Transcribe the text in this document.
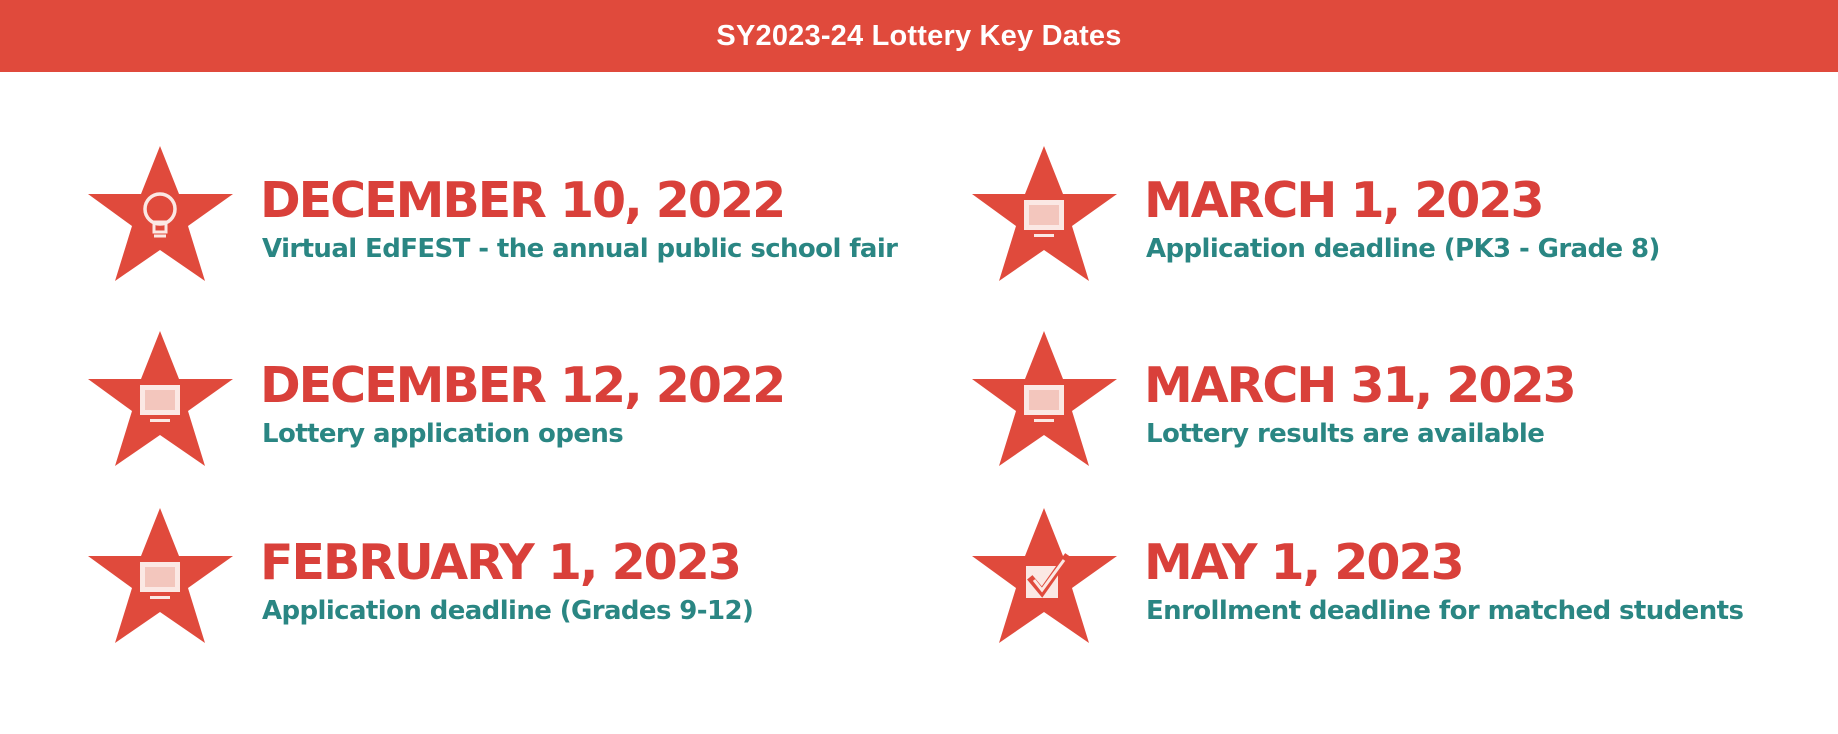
SY2023-24 Lottery Key Dates
DECEMBER 10, 2022
Virtual EdFEST - the annual public school fair
MARCH 1, 2023
Application deadline (PK3 - Grade 8)
DECEMBER 12, 2022
Lottery application opens
MARCH 31, 2023
Lottery results are available
FEBRUARY 1, 2023
Application deadline (Grades 9-12)
MAY 1, 2023
Enrollment deadline for matched students
